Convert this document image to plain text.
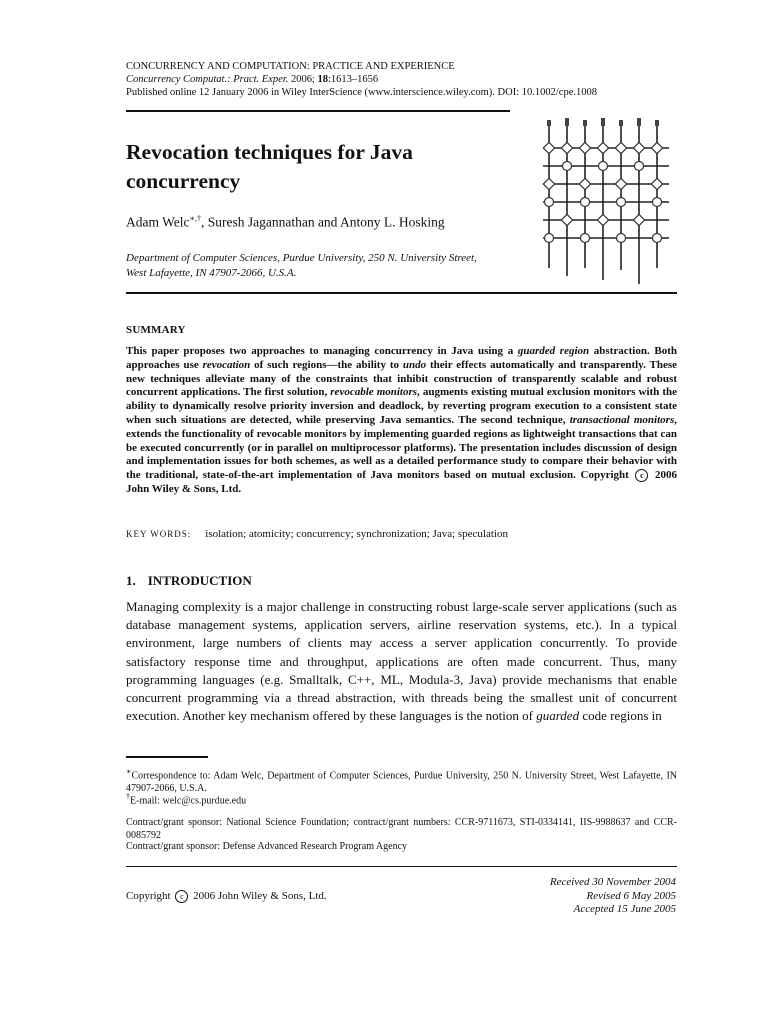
CONCURRENCY AND COMPUTATION: PRACTICE AND EXPERIENCE
Concurrency Computat.: Pract. Exper. 2006; 18:1613–1656
Published online 12 January 2006 in Wiley InterScience (www.interscience.wiley.com). DOI: 10.1002/cpe.1008
Revocation techniques for Java concurrency
Adam Welc∗,†, Suresh Jagannathan and Antony L. Hosking
Department of Computer Sciences, Purdue University, 250 N. University Street,
West Lafayette, IN 47907-2066, U.S.A.
SUMMARY
This paper proposes two approaches to managing concurrency in Java using a guarded region abstraction. Both approaches use revocation of such regions—the ability to undo their effects automatically and transparently. These new techniques alleviate many of the constraints that inhibit construction of transparently scalable and robust concurrent applications. The first solution, revocable monitors, augments existing mutual exclusion monitors with the ability to dynamically resolve priority inversion and deadlock, by reverting program execution to a consistent state when such situations are detected, while preserving Java semantics. The second technique, transactional monitors, extends the functionality of revocable monitors by implementing guarded regions as lightweight transactions that can be executed concurrently (or in parallel on multiprocessor platforms). The presentation includes discussion of design and implementation issues for both schemes, as well as a detailed performance study to compare their behavior with the traditional, state-of-the-art implementation of Java monitors based on mutual exclusion. Copyright c 2006 John Wiley & Sons, Ltd.
KEY WORDS: isolation; atomicity; concurrency; synchronization; Java; speculation
1. INTRODUCTION
Managing complexity is a major challenge in constructing robust large-scale server applications (such as database management systems, application servers, airline reservation systems, etc.). In a typical environment, large numbers of clients may access a server application concurrently. To provide satisfactory response time and throughput, applications are often made concurrent. Thus, many programming languages (e.g. Smalltalk, C++, ML, Modula-3, Java) provide mechanisms that enable concurrent programming via a thread abstraction, with threads being the smallest unit of concurrent execution. Another key mechanism offered by these languages is the notion of guarded code regions in
∗Correspondence to: Adam Welc, Department of Computer Sciences, Purdue University, 250 N. University Street, West Lafayette, IN 47907-2066, U.S.A.
†E-mail: welc@cs.purdue.edu
Contract/grant sponsor: National Science Foundation; contract/grant numbers: CCR-9711673, STI-0334141, IIS-9988637 and CCR-0085792
Contract/grant sponsor: Defense Advanced Research Program Agency
Copyright c 2006 John Wiley & Sons, Ltd.
Received 30 November 2004
Revised 6 May 2005
Accepted 15 June 2005
